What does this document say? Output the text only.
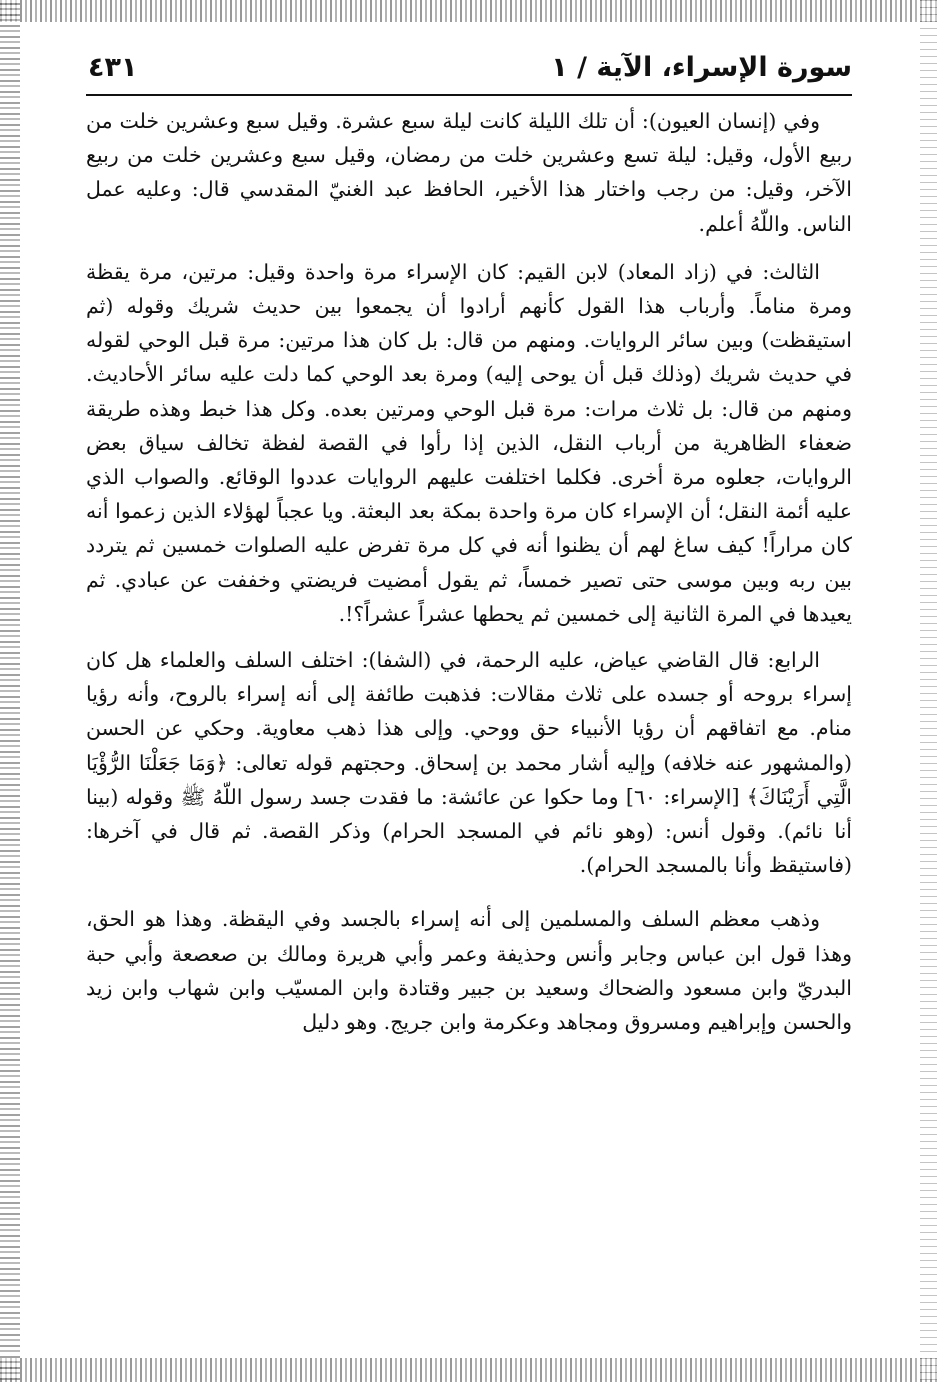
سورة الإسراء، الآية / ١
٤٣١

وفي (إنسان العيون): أن تلك الليلة كانت ليلة سبع عشرة. وقيل سبع وعشرين خلت من ربيع الأول، وقيل: ليلة تسع وعشرين خلت من رمضان، وقيل سبع وعشرين خلت من ربيع الآخر، وقيل: من رجب واختار هذا الأخير، الحافظ عبد الغنيّ المقدسي قال: وعليه عمل الناس. واللّهُ أعلم.

الثالث: في (زاد المعاد) لابن القيم: كان الإسراء مرة واحدة وقيل: مرتين، مرة يقظة ومرة مناماً. وأرباب هذا القول كأنهم أرادوا أن يجمعوا بين حديث شريك وقوله (ثم استيقظت) وبين سائر الروايات. ومنهم من قال: بل كان هذا مرتين: مرة قبل الوحي لقوله في حديث شريك (وذلك قبل أن يوحى إليه) ومرة بعد الوحي كما دلت عليه سائر الأحاديث. ومنهم من قال: بل ثلاث مرات: مرة قبل الوحي ومرتين بعده. وكل هذا خبط وهذه طريقة ضعفاء الظاهرية من أرباب النقل، الذين إذا رأوا في القصة لفظة تخالف سياق بعض الروايات، جعلوه مرة أخرى. فكلما اختلفت عليهم الروايات عددوا الوقائع. والصواب الذي عليه أئمة النقل؛ أن الإسراء كان مرة واحدة بمكة بعد البعثة. ويا عجباً لهؤلاء الذين زعموا أنه كان مراراً! كيف ساغ لهم أن يظنوا أنه في كل مرة تفرض عليه الصلوات خمسين ثم يتردد بين ربه وبين موسى حتى تصير خمساً، ثم يقول أمضيت فريضتي وخففت عن عبادي. ثم يعيدها في المرة الثانية إلى خمسين ثم يحطها عشراً عشراً؟!.

الرابع: قال القاضي عياض، عليه الرحمة، في (الشفا): اختلف السلف والعلماء هل كان إسراء بروحه أو جسده على ثلاث مقالات: فذهبت طائفة إلى أنه إسراء بالروح، وأنه رؤيا منام. مع اتفاقهم أن رؤيا الأنبياء حق ووحي. وإلى هذا ذهب معاوية. وحكي عن الحسن (والمشهور عنه خلافه) وإليه أشار محمد بن إسحاق. وحجتهم قوله تعالى: ﴿وَمَا جَعَلْنَا الرُّؤْيَا الَّتِي أَرَيْنَاكَ﴾ [الإسراء: ٦٠] وما حكوا عن عائشة: ما فقدت جسد رسول اللّهُ ﷺ وقوله (بينا أنا نائم). وقول أنس: (وهو نائم في المسجد الحرام) وذكر القصة. ثم قال في آخرها: (فاستيقظ وأنا بالمسجد الحرام).

وذهب معظم السلف والمسلمين إلى أنه إسراء بالجسد وفي اليقظة. وهذا هو الحق، وهذا قول ابن عباس وجابر وأنس وحذيفة وعمر وأبي هريرة ومالك بن صعصعة وأبي حبة البدريّ وابن مسعود والضحاك وسعيد بن جبير وقتادة وابن المسيّب وابن شهاب وابن زيد والحسن وإبراهيم ومسروق ومجاهد وعكرمة وابن جريج. وهو دليل
